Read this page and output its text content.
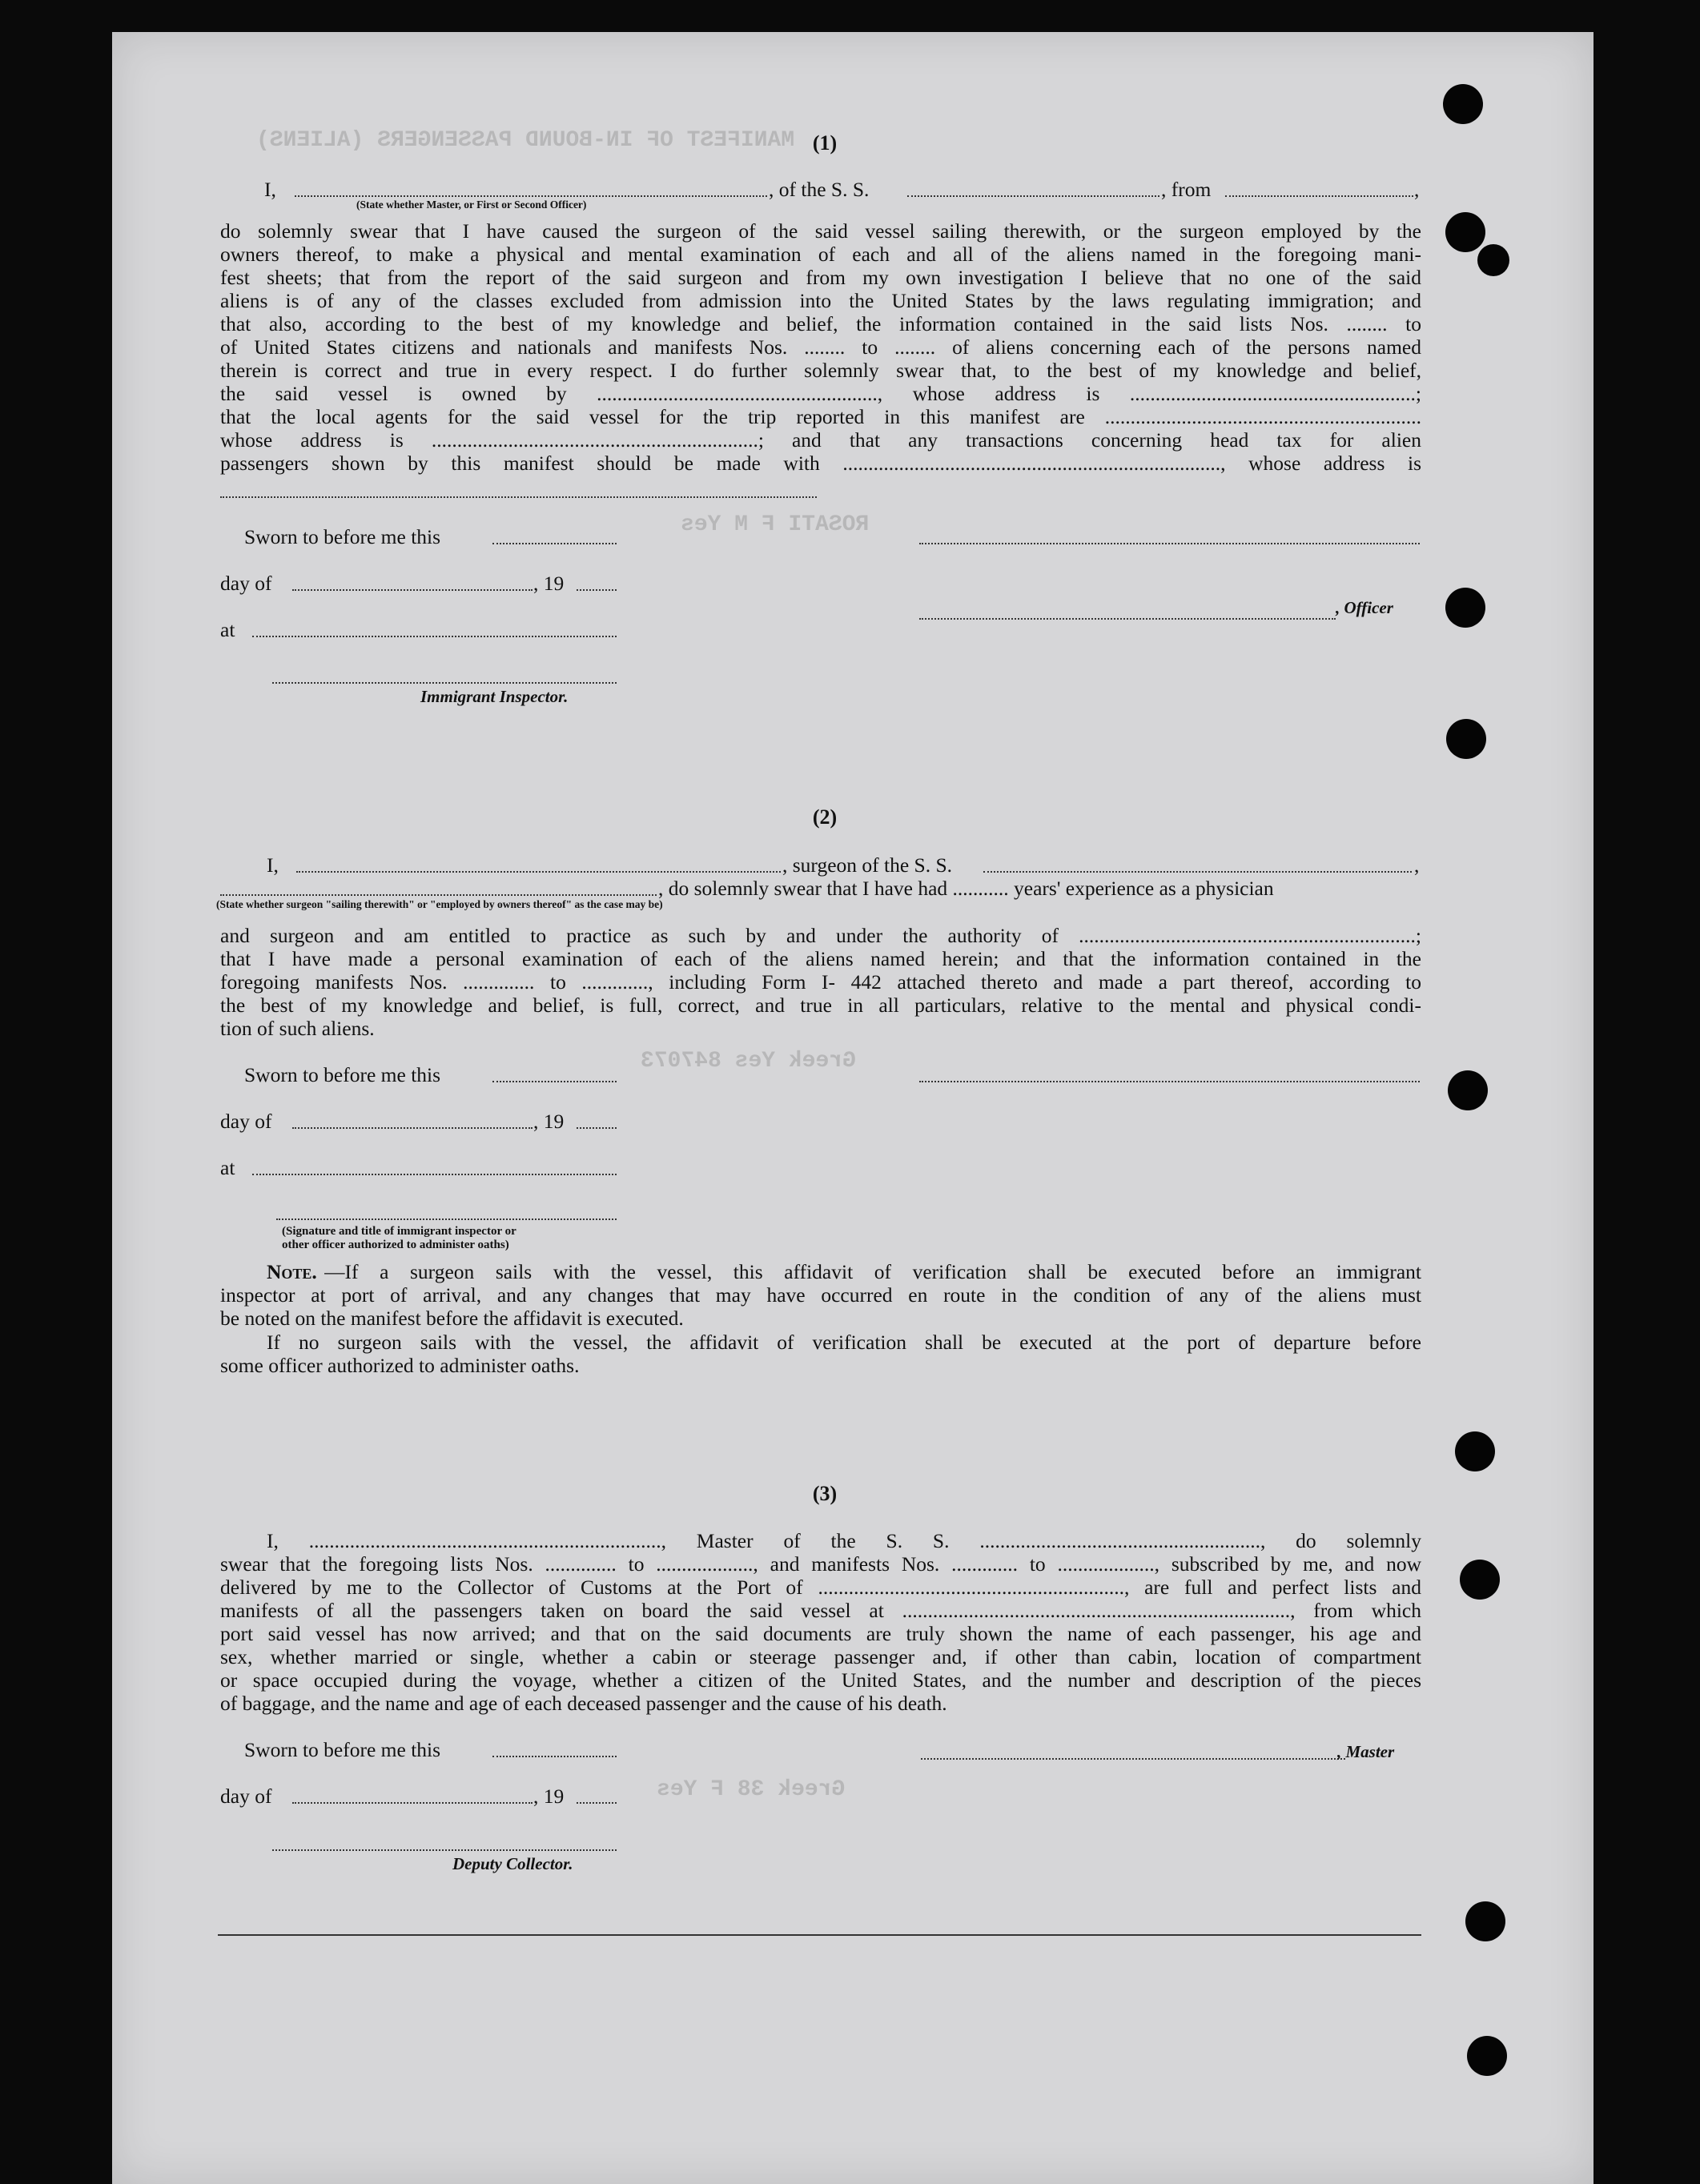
MANIFEST OF IN-BOUND PASSENGERS (ALIENS)
ROSATI F M Yes
Greek Yes 847073
Greek 38 F Yes
(1)
I,	, of the S. S.	, from	,
(State whether Master, or First or Second Officer)
do solemnly swear that I have caused the surgeon of the said vessel sailing therewith, or the surgeon employed by the
owners thereof, to make a physical and mental examination of each and all of the aliens named in the foregoing mani-
fest sheets; that from the report of the said surgeon and from my own investigation I believe that no one of the said
aliens is of any of the classes excluded from admission into the United States by the laws regulating immigration; and
that also, according to the best of my knowledge and belief, the information contained in the said lists Nos. ........ to
of United States citizens and nationals and manifests Nos. ........ to ........ of aliens concerning each of the persons named
therein is correct and true in every respect. I do further solemnly swear that, to the best of my knowledge and belief,
the said vessel is owned by ......................................................., whose address is ........................................................;
that the local agents for the said vessel for the trip reported in this manifest are ..............................................................
whose address is ................................................................; and that any transactions concerning head tax for alien
passengers shown by this manifest should be made with .........................................................................., whose address is
Sworn to before me this
day of	, 19
, Officer
at
Immigrant Inspector.
(2)
I,	, surgeon of the S. S.	,
, do solemnly swear that I have had ........... years' experience as a physician
(State whether surgeon "sailing therewith" or "employed by owners thereof" as the case may be)
and surgeon and am entitled to practice as such by and under the authority of ..................................................................;
that I have made a personal examination of each of the aliens named herein; and that the information contained in the
foregoing manifests Nos. .............. to ............., including Form I- 442 attached thereto and made a part thereof, according to
the best of my knowledge and belief, is full, correct, and true in all particulars, relative to the mental and physical condi-
tion of such aliens.
Sworn to before me this
day of	, 19
at
(Signature and title of immigrant inspector or
other officer authorized to administer oaths)
Note. —If a surgeon sails with the vessel, this affidavit of verification shall be executed before an immigrant
inspector at port of arrival, and any changes that may have occurred en route in the condition of any of the aliens must
be noted on the manifest before the affidavit is executed.
If no surgeon sails with the vessel, the affidavit of verification shall be executed at the port of departure before
some officer authorized to administer oaths.
(3)
I, ....................................................................., Master of the S. S. ......................................................., do solemnly
swear that the foregoing lists Nos. .............. to ..................., and manifests Nos. ............. to ..................., subscribed by me, and now
delivered by me to the Collector of Customs at the Port of ............................................................, are full and perfect lists and
manifests of all the passengers taken on board the said vessel at ............................................................................, from which
port said vessel has now arrived; and that on the said documents are truly shown the name of each passenger, his age and
sex, whether married or single, whether a cabin or steerage passenger and, if other than cabin, location of compartment
or space occupied during the voyage, whether a citizen of the United States, and the number and description of the pieces
of baggage, and the name and age of each deceased passenger and the cause of his death.
Sworn to before me this	, Master
day of	, 19
Deputy Collector.
